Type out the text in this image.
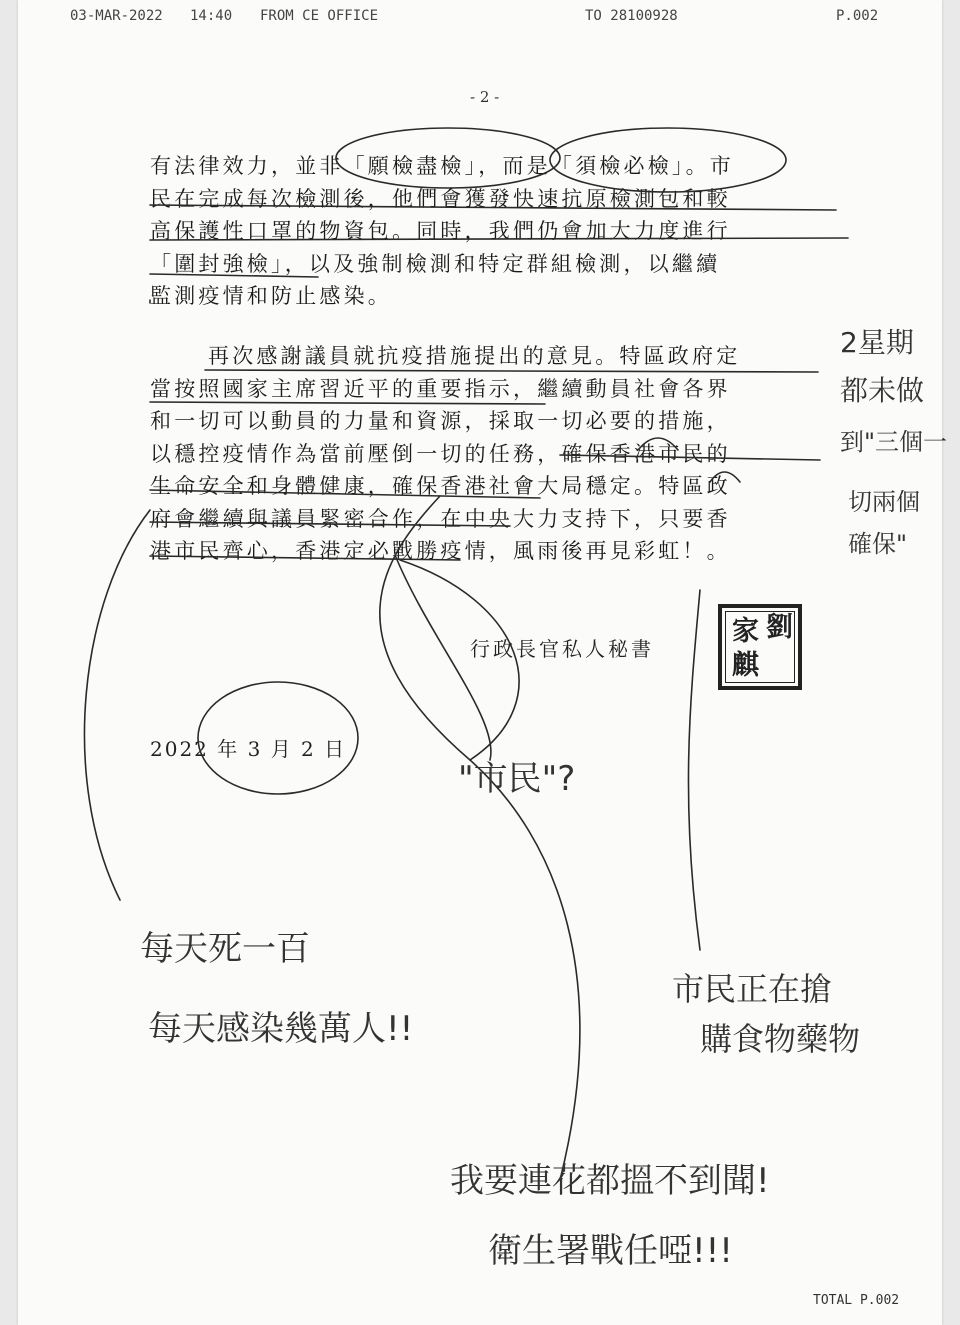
03-MAR-2022 14:40 FROM CE OFFICE	TO 28100928	P.002
- 2 -
有法律效力，並非「願檢盡檢」，而是「須檢必檢」。市
民在完成每次檢測後，他們會獲發快速抗原檢測包和較
高保護性口罩的物資包。同時，我們仍會加大力度進行
「圍封強檢」，以及強制檢測和特定群組檢測，以繼續
監測疫情和防止感染。
再次感謝議員就抗疫措施提出的意見。特區政府定
當按照國家主席習近平的重要指示，繼續動員社會各界
和一切可以動員的力量和資源，採取一切必要的措施，
以穩控疫情作為當前壓倒一切的任務，確保香港市民的
生命安全和身體健康，確保香港社會大局穩定。特區政
府會繼續與議員緊密合作，在中央大力支持下，只要香
港市民齊心，香港定必戰勝疫情，風雨後再見彩虹！。
行政長官私人秘書
劉
家
麒
2022 年 3 月 2 日
TOTAL P.002
2星期
都未做
到"三個一
切兩個
確保"
"市民"?
每天死一百
每天感染幾萬人!!
市民正在搶
購食物藥物
我要連花都搵不到聞!
衛生署戰任啞!!!
